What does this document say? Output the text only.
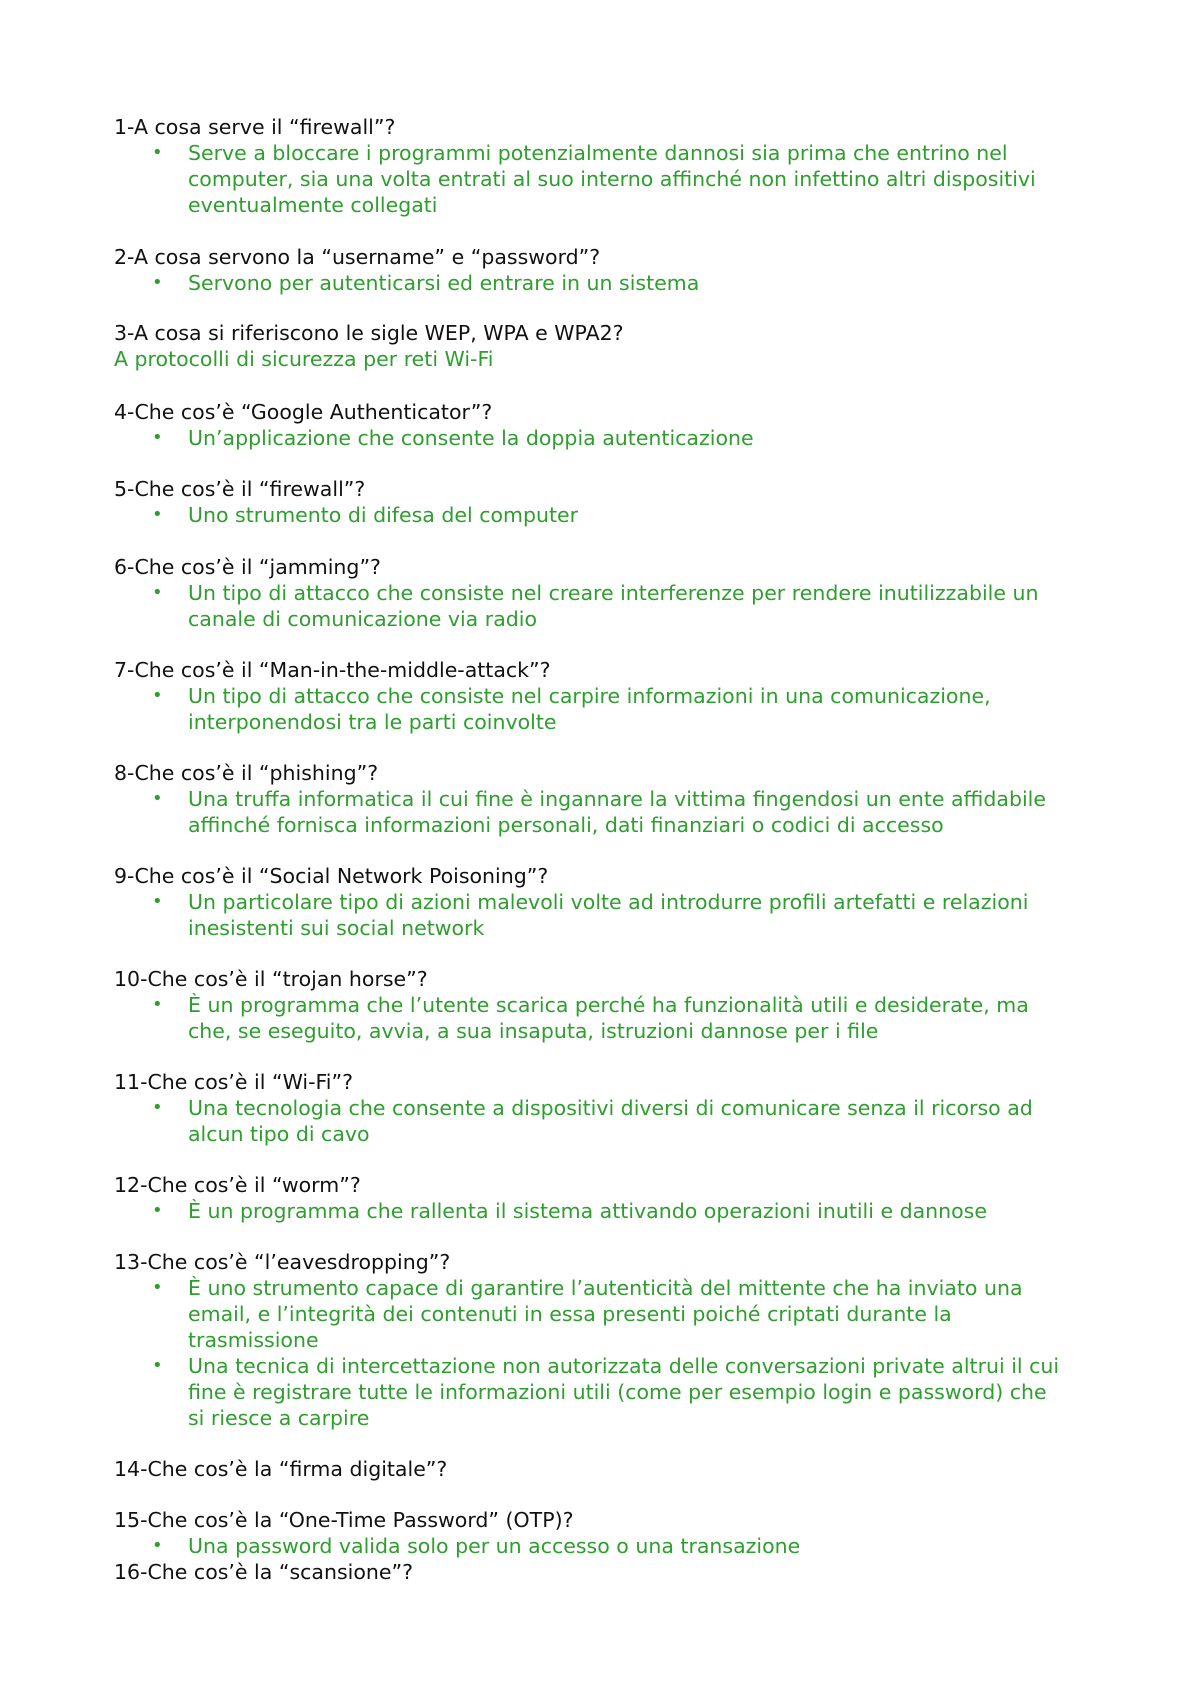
1-A cosa serve il “firewall”?
• Serve a bloccare i programmi potenzialmente dannosi sia prima che entrino nel
computer, sia una volta entrati al suo interno affinché non infettino altri dispositivi
eventualmente collegati
2-A cosa servono la “username” e “password”?
• Servono per autenticarsi ed entrare in un sistema
3-A cosa si riferiscono le sigle WEP, WPA e WPA2?
A protocolli di sicurezza per reti Wi-Fi
4-Che cos’è “Google Authenticator”?
• Un’applicazione che consente la doppia autenticazione
5-Che cos’è il “firewall”?
• Uno strumento di difesa del computer
6-Che cos’è il “jamming”?
• Un tipo di attacco che consiste nel creare interferenze per rendere inutilizzabile un
canale di comunicazione via radio
7-Che cos’è il “Man-in-the-middle-attack”?
• Un tipo di attacco che consiste nel carpire informazioni in una comunicazione,
interponendosi tra le parti coinvolte
8-Che cos’è il “phishing”?
• Una truffa informatica il cui fine è ingannare la vittima fingendosi un ente affidabile
affinché fornisca informazioni personali, dati finanziari o codici di accesso
9-Che cos’è il “Social Network Poisoning”?
• Un particolare tipo di azioni malevoli volte ad introdurre profili artefatti e relazioni
inesistenti sui social network
10-Che cos’è il “trojan horse”?
• È un programma che l’utente scarica perché ha funzionalità utili e desiderate, ma
che, se eseguito, avvia, a sua insaputa, istruzioni dannose per i file
11-Che cos’è il “Wi-Fi”?
• Una tecnologia che consente a dispositivi diversi di comunicare senza il ricorso ad
alcun tipo di cavo
12-Che cos’è il “worm”?
• È un programma che rallenta il sistema attivando operazioni inutili e dannose
13-Che cos’è “l’eavesdropping”?
• È uno strumento capace di garantire l’autenticità del mittente che ha inviato una
email, e l’integrità dei contenuti in essa presenti poiché criptati durante la
trasmissione
• Una tecnica di intercettazione non autorizzata delle conversazioni private altrui il cui
fine è registrare tutte le informazioni utili (come per esempio login e password) che
si riesce a carpire
14-Che cos’è la “firma digitale”?
15-Che cos’è la “One-Time Password” (OTP)?
• Una password valida solo per un accesso o una transazione
16-Che cos’è la “scansione”?
